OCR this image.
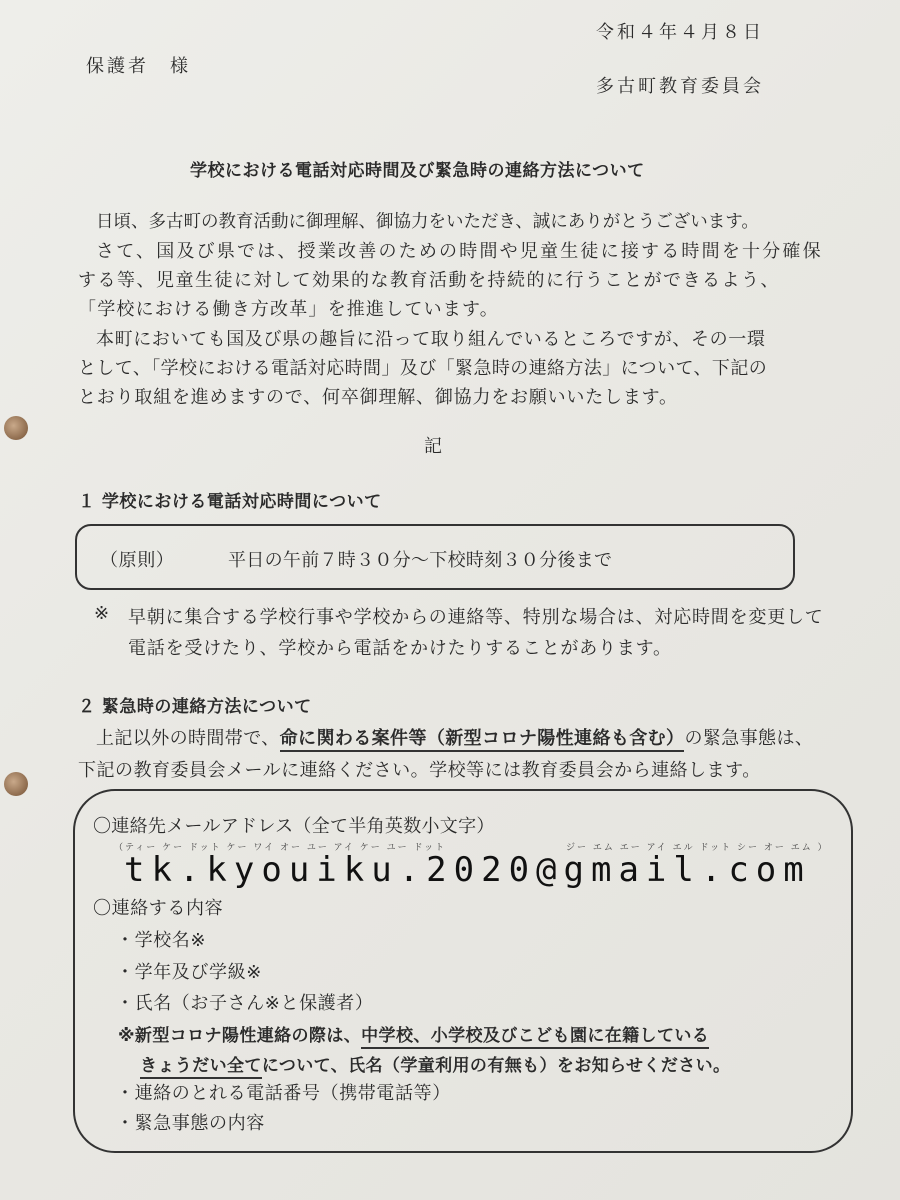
令和４年４月８日
保護者　様
多古町教育委員会
学校における電話対応時間及び緊急時の連絡方法について
日頃、多古町の教育活動に御理解、御協力をいただき、誠にありがとうございます。
さて、国及び県では、授業改善のための時間や児童生徒に接する時間を十分確保
する等、児童生徒に対して効果的な教育活動を持続的に行うことができるよう、
「学校における働き方改革」を推進しています。
本町においても国及び県の趣旨に沿って取り組んでいるところですが、その一環
として、「学校における電話対応時間」及び「緊急時の連絡方法」について、下記の
とおり取組を進めますので、何卒御理解、御協力をお願いいたします。
記
１ 学校における電話対応時間について
（原則）	平日の午前７時３０分～下校時刻３０分後まで
※ 早朝に集合する学校行事や学校からの連絡等、特別な場合は、対応時間を変更して
電話を受けたり、学校から電話をかけたりすることがあります。
２ 緊急時の連絡方法について
上記以外の時間帯で、命に関わる案件等（新型コロナ陽性連絡も含む）の緊急事態は、
下記の教育委員会メールに連絡ください。学校等には教育委員会から連絡します。
〇連絡先メールアドレス（全て半角英数小文字）
（ティー ケー ドット ケー ワイ オー ユー アイ ケー ユー ドット	ジー エム エー アイ エル ドット シー オー エム ）
tk.kyouiku.2020@gmail.com
〇連絡する内容
・学校名※
・学年及び学級※
・氏名（お子さん※と保護者）
※新型コロナ陽性連絡の際は、中学校、小学校及びこども園に在籍している
きょうだい全てについて、氏名（学童利用の有無も）をお知らせください。
・連絡のとれる電話番号（携帯電話等）
・緊急事態の内容
